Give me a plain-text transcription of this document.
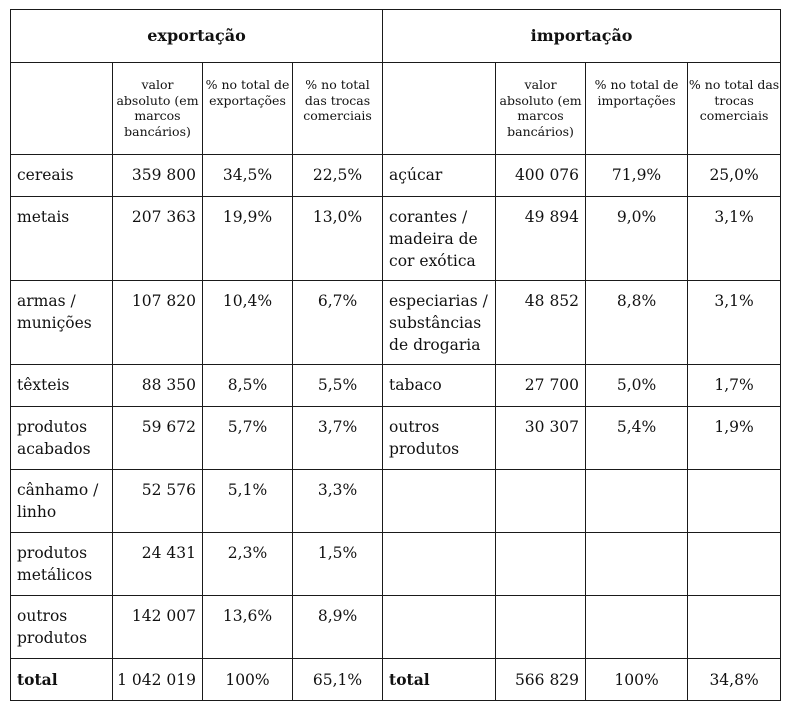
exportação				importação			
	valor absoluto (em marcos bancários)	% no total de exportações	% no total das trocas comerciais		valor absoluto (em marcos bancários)	% no total de importações	% no total das trocas comerciais
cereais	359 800	34,5%	22,5%	açúcar	400 076	71,9%	25,0%
metais	207 363	19,9%	13,0%	corantes / madeira de cor exótica	49 894	9,0%	3,1%
armas / munições	107 820	10,4%	6,7%	especiarias / substâncias de drogaria	48 852	8,8%	3,1%
têxteis	88 350	8,5%	5,5%	tabaco	27 700	5,0%	1,7%
produtos acabados	59 672	5,7%	3,7%	outros produtos	30 307	5,4%	1,9%
cânhamo / linho	52 576	5,1%	3,3%				
produtos metálicos	24 431	2,3%	1,5%				
outros produtos	142 007	13,6%	8,9%				
total	1 042 019	100%	65,1%	total	566 829	100%	34,8%
